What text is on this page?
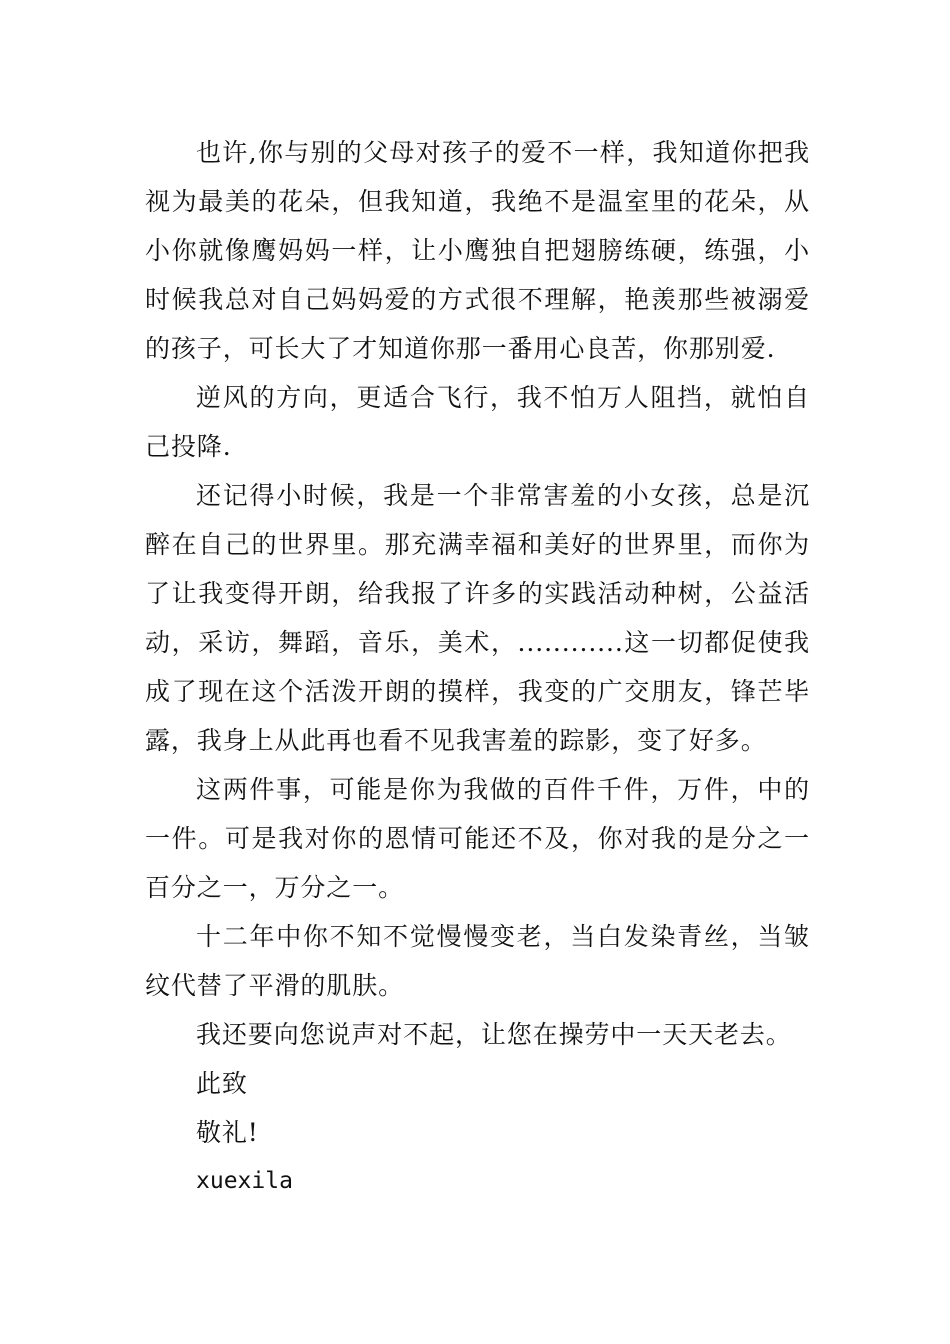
也许,你与别的父母对孩子的爱不一样，我知道你把我视为最美的花朵，但我知道，我绝不是温室里的花朵，从小你就像鹰妈妈一样，让小鹰独自把翅膀练硬，练强，小时候我总对自己妈妈爱的方式很不理解，艳羡那些被溺爱的孩子，可长大了才知道你那一番用心良苦，你那别爱.

逆风的方向，更适合飞行，我不怕万人阻挡，就怕自己投降.

还记得小时候，我是一个非常害羞的小女孩，总是沉醉在自己的世界里。那充满幸福和美好的世界里，而你为了让我变得开朗，给我报了许多的实践活动种树，公益活动，采访，舞蹈，音乐，美术，............这一切都促使我成了现在这个活泼开朗的摸样，我变的广交朋友，锋芒毕露，我身上从此再也看不见我害羞的踪影，变了好多。

这两件事，可能是你为我做的百件千件，万件，中的一件。可是我对你的恩情可能还不及，你对我的是分之一百分之一，万分之一。

十二年中你不知不觉慢慢变老，当白发染青丝，当皱纹代替了平滑的肌肤。

我还要向您说声对不起，让您在操劳中一天天老去。

此致

敬礼!

xuexila
